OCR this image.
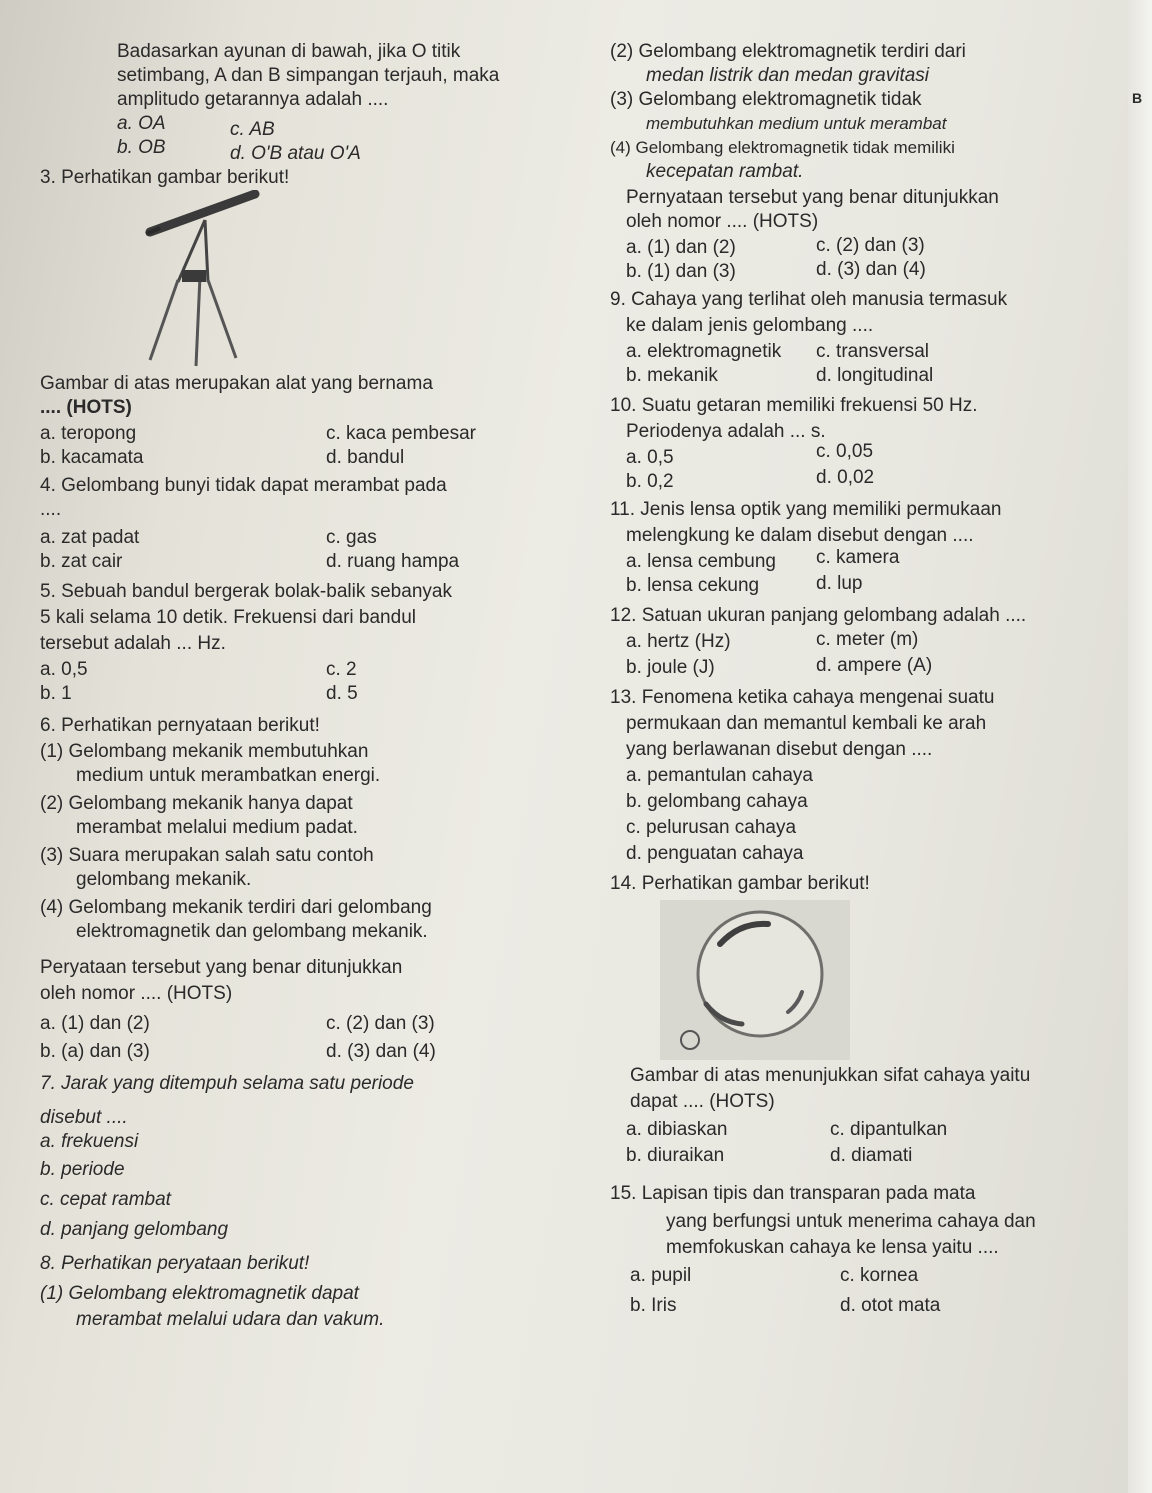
Badasarkan ayunan di bawah, jika O titik
setimbang, A dan B simpangan terjauh, maka
amplitudo getarannya adalah ....
a. OA
b. OB
c. AB
d. O'B atau O'A
3. Perhatikan gambar berikut!
Gambar di atas merupakan alat yang bernama
.... (HOTS)
a. teropong
b. kacamata
c. kaca pembesar
d. bandul
4. Gelombang bunyi tidak dapat merambat pada
....
a. zat padat
b. zat cair
c. gas
d. ruang hampa
5. Sebuah bandul bergerak bolak-balik sebanyak
5 kali selama 10 detik. Frekuensi dari bandul
tersebut adalah ... Hz.
a. 0,5
b. 1
c. 2
d. 5
6. Perhatikan pernyataan berikut!
(1) Gelombang mekanik membutuhkan
medium untuk merambatkan energi.
(2) Gelombang mekanik hanya dapat
merambat melalui medium padat.
(3) Suara merupakan salah satu contoh
gelombang mekanik.
(4) Gelombang mekanik terdiri dari gelombang
elektromagnetik dan gelombang mekanik.
Peryataan tersebut yang benar ditunjukkan
oleh nomor .... (HOTS)
a. (1) dan (2)
b. (a) dan (3)
c. (2) dan (3)
d. (3) dan (4)
7. Jarak yang ditempuh selama satu periode
disebut ....
a. frekuensi
b. periode
c. cepat rambat
d. panjang gelombang
8. Perhatikan peryataan berikut!
(1) Gelombang elektromagnetik dapat
merambat melalui udara dan vakum.
(2) Gelombang elektromagnetik terdiri dari
medan listrik dan medan gravitasi
(3) Gelombang elektromagnetik tidak
membutuhkan medium untuk merambat
(4) Gelombang elektromagnetik tidak memiliki
kecepatan rambat.
Pernyataan tersebut yang benar ditunjukkan
oleh nomor .... (HOTS)
a. (1) dan (2)
b. (1) dan (3)
c. (2) dan (3)
d. (3) dan (4)
9. Cahaya yang terlihat oleh manusia termasuk
ke dalam jenis gelombang ....
a. elektromagnetik
b. mekanik
c. transversal
d. longitudinal
10. Suatu getaran memiliki frekuensi 50 Hz.
Periodenya adalah ... s.
a. 0,5
b. 0,2
c. 0,05
d. 0,02
11. Jenis lensa optik yang memiliki permukaan
melengkung ke dalam disebut dengan ....
a. lensa cembung
b. lensa cekung
c. kamera
d. lup
12. Satuan ukuran panjang gelombang adalah ....
a. hertz (Hz)
b. joule (J)
c. meter (m)
d. ampere (A)
13. Fenomena ketika cahaya mengenai suatu
permukaan dan memantul kembali ke arah
yang berlawanan disebut dengan ....
a. pemantulan cahaya
b. gelombang cahaya
c. pelurusan cahaya
d. penguatan cahaya
14. Perhatikan gambar berikut!
Gambar di atas menunjukkan sifat cahaya yaitu
dapat .... (HOTS)
a. dibiaskan
b. diuraikan
c. dipantulkan
d. diamati
15. Lapisan tipis dan transparan pada mata
yang berfungsi untuk menerima cahaya dan
memfokuskan cahaya ke lensa yaitu ....
a. pupil
b. Iris
c. kornea
d. otot mata
B
